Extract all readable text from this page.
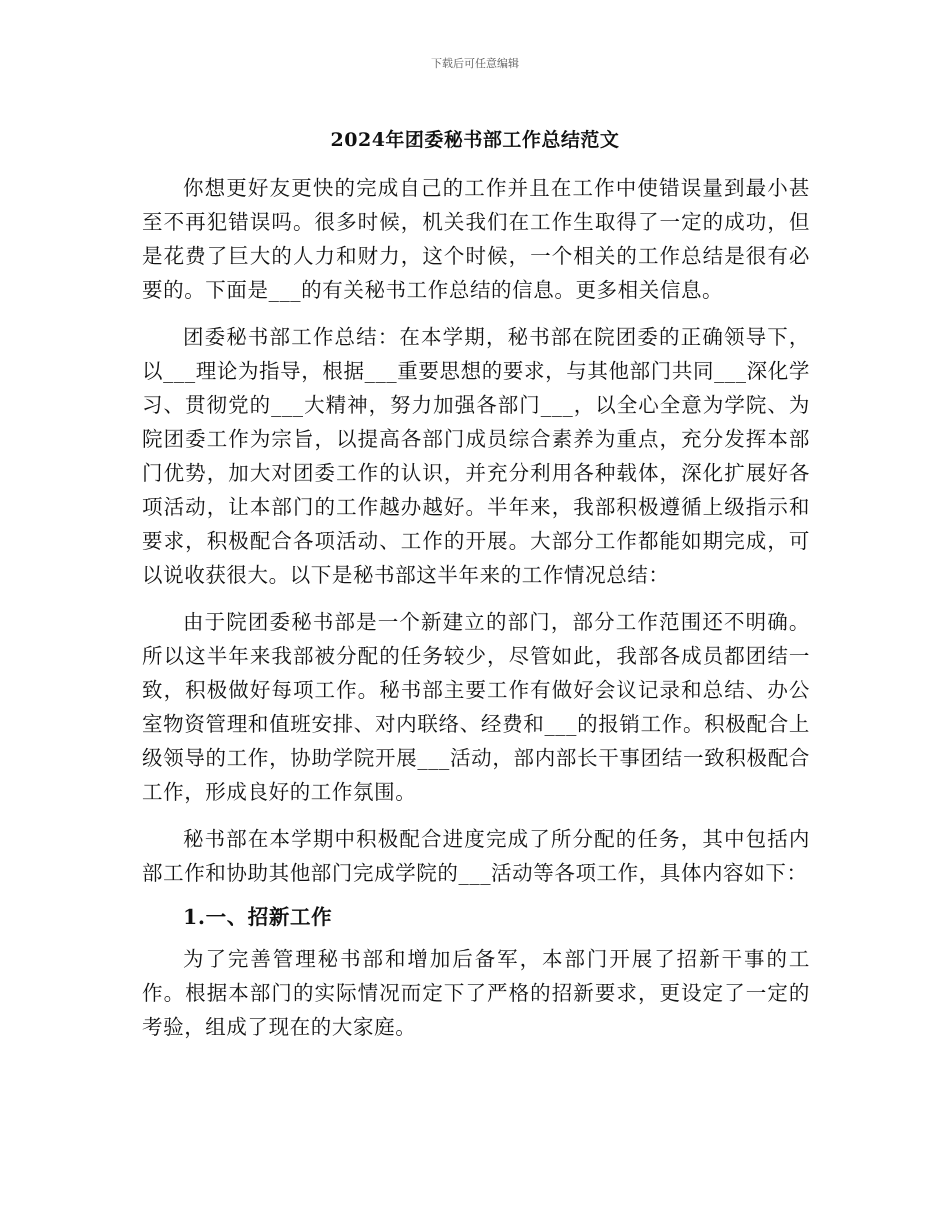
下载后可任意编辑
2024年团委秘书部工作总结范文

你想更好友更快的完成自己的工作并且在工作中使错误量到最小甚至不再犯错误吗。很多时候，机关我们在工作生取得了一定的成功，但是花费了巨大的人力和财力，这个时候，一个相关的工作总结是很有必要的。下面是___的有关秘书工作总结的信息。更多相关信息。

团委秘书部工作总结：在本学期，秘书部在院团委的正确领导下，以___理论为指导，根据___重要思想的要求，与其他部门共同___深化学习、贯彻党的___大精神，努力加强各部门___，以全心全意为学院、为院团委工作为宗旨，以提高各部门成员综合素养为重点，充分发挥本部门优势，加大对团委工作的认识，并充分利用各种载体，深化扩展好各项活动，让本部门的工作越办越好。半年来，我部积极遵循上级指示和要求，积极配合各项活动、工作的开展。大部分工作都能如期完成，可以说收获很大。以下是秘书部这半年来的工作情况总结：

由于院团委秘书部是一个新建立的部门，部分工作范围还不明确。所以这半年来我部被分配的任务较少，尽管如此，我部各成员都团结一致，积极做好每项工作。秘书部主要工作有做好会议记录和总结、办公室物资管理和值班安排、对内联络、经费和___的报销工作。积极配合上级领导的工作，协助学院开展___活动，部内部长干事团结一致积极配合工作，形成良好的工作氛围。

秘书部在本学期中积极配合进度完成了所分配的任务，其中包括内部工作和协助其他部门完成学院的___活动等各项工作，具体内容如下：

1.一、招新工作

为了完善管理秘书部和增加后备军，本部门开展了招新干事的工作。根据本部门的实际情况而定下了严格的招新要求，更设定了一定的考验，组成了现在的大家庭。
